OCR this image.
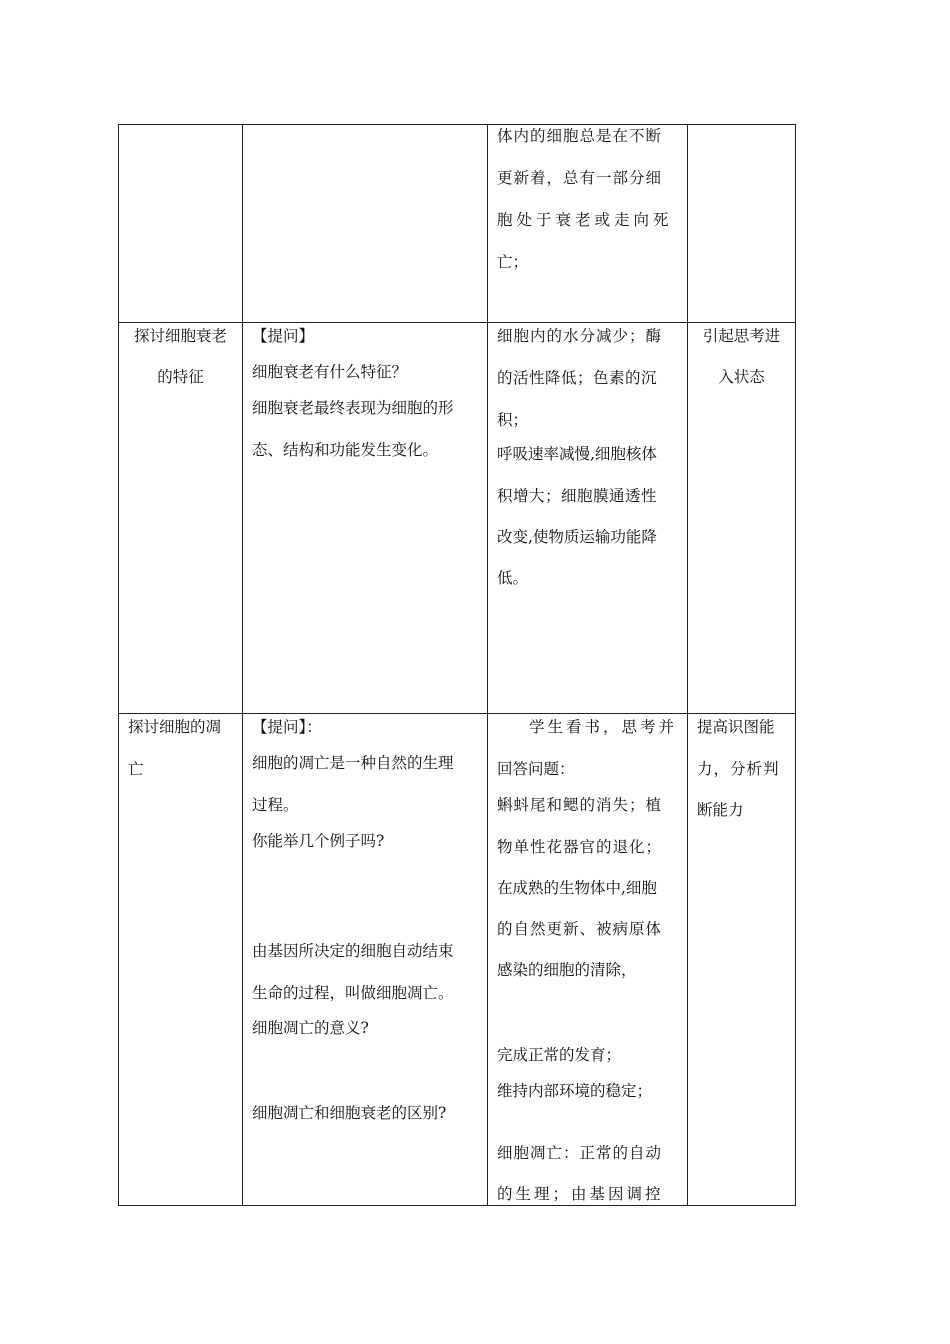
体内的细胞总是在不断
更新着，总有一部分细
胞处于衰老或走向死
亡；
探讨细胞衰老
的特征
【提问】
细胞衰老有什么特征？
细胞衰老最终表现为细胞的形
态、结构和功能发生变化。
细胞内的水分减少；酶
的活性降低；色素的沉
积；
呼吸速率减慢,细胞核体
积增大；细胞膜通透性
改变,使物质运输功能降
低。
引起思考进
入状态
探讨细胞的凋
亡
【提问】：
细胞的凋亡是一种自然的生理
过程。
你能举几个例子吗?
由基因所决定的细胞自动结束
生命的过程，叫做细胞凋亡。
细胞凋亡的意义?
细胞凋亡和细胞衰老的区别?
学生看书，思考并
回答问题：
蝌蚪尾和鳃的消失；植
物单性花器官的退化；
在成熟的生物体中,细胞
的自然更新、被病原体
感染的细胞的清除，
完成正常的发育；
维持内部环境的稳定；
细胞凋亡：正常的自动
的生理；由基因调控
提高识图能
力，分析判
断能力
